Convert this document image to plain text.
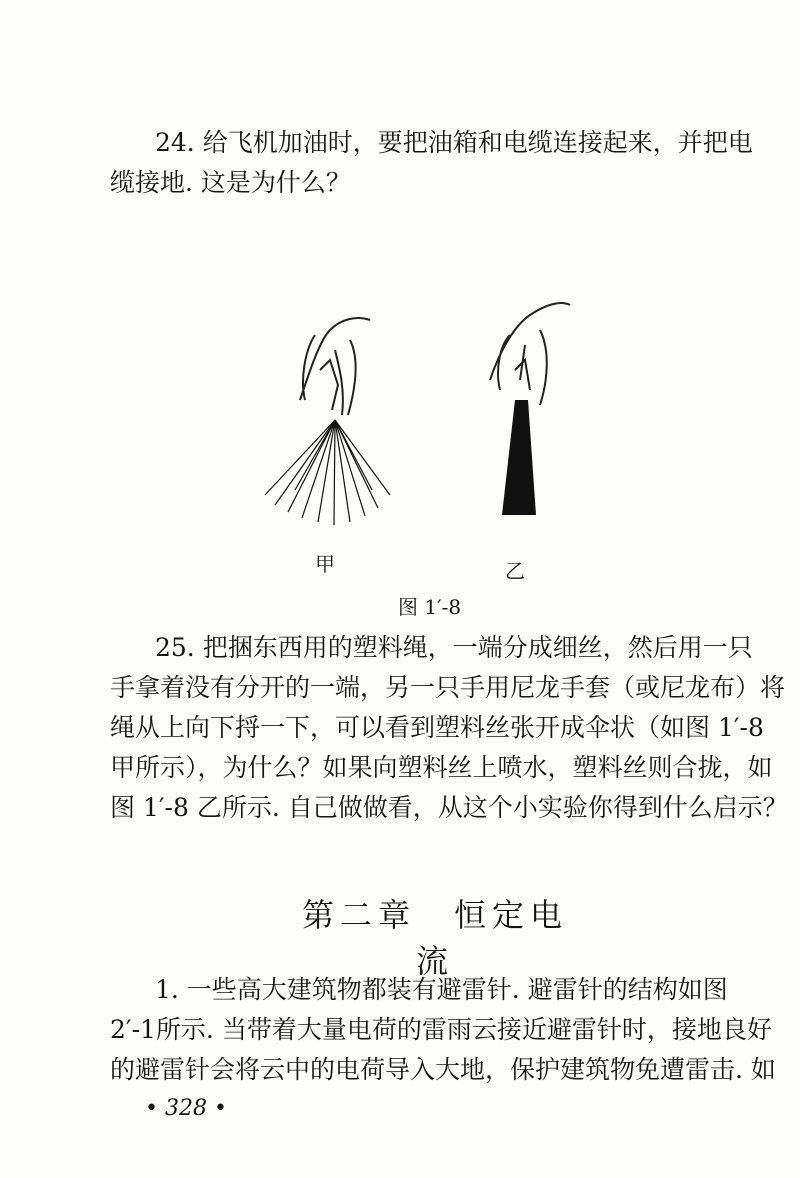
24. 给飞机加油时，要把油箱和电缆连接起来，并把电
缆接地. 这是为什么？
甲	乙
图 1′-8
25. 把捆东西用的塑料绳，一端分成细丝，然后用一只
手拿着没有分开的一端，另一只手用尼龙手套（或尼龙布）将
绳从上向下捋一下，可以看到塑料丝张开成伞状（如图 1′-8
甲所示），为什么？如果向塑料丝上喷水，塑料丝则合拢，如
图 1′-8 乙所示. 自己做做看，从这个小实验你得到什么启示？
第二章　恒定电流
1. 一些高大建筑物都装有避雷针. 避雷针的结构如图
2′-1所示. 当带着大量电荷的雷雨云接近避雷针时，接地良好
的避雷针会将云中的电荷导入大地，保护建筑物免遭雷击. 如
• 328 •
